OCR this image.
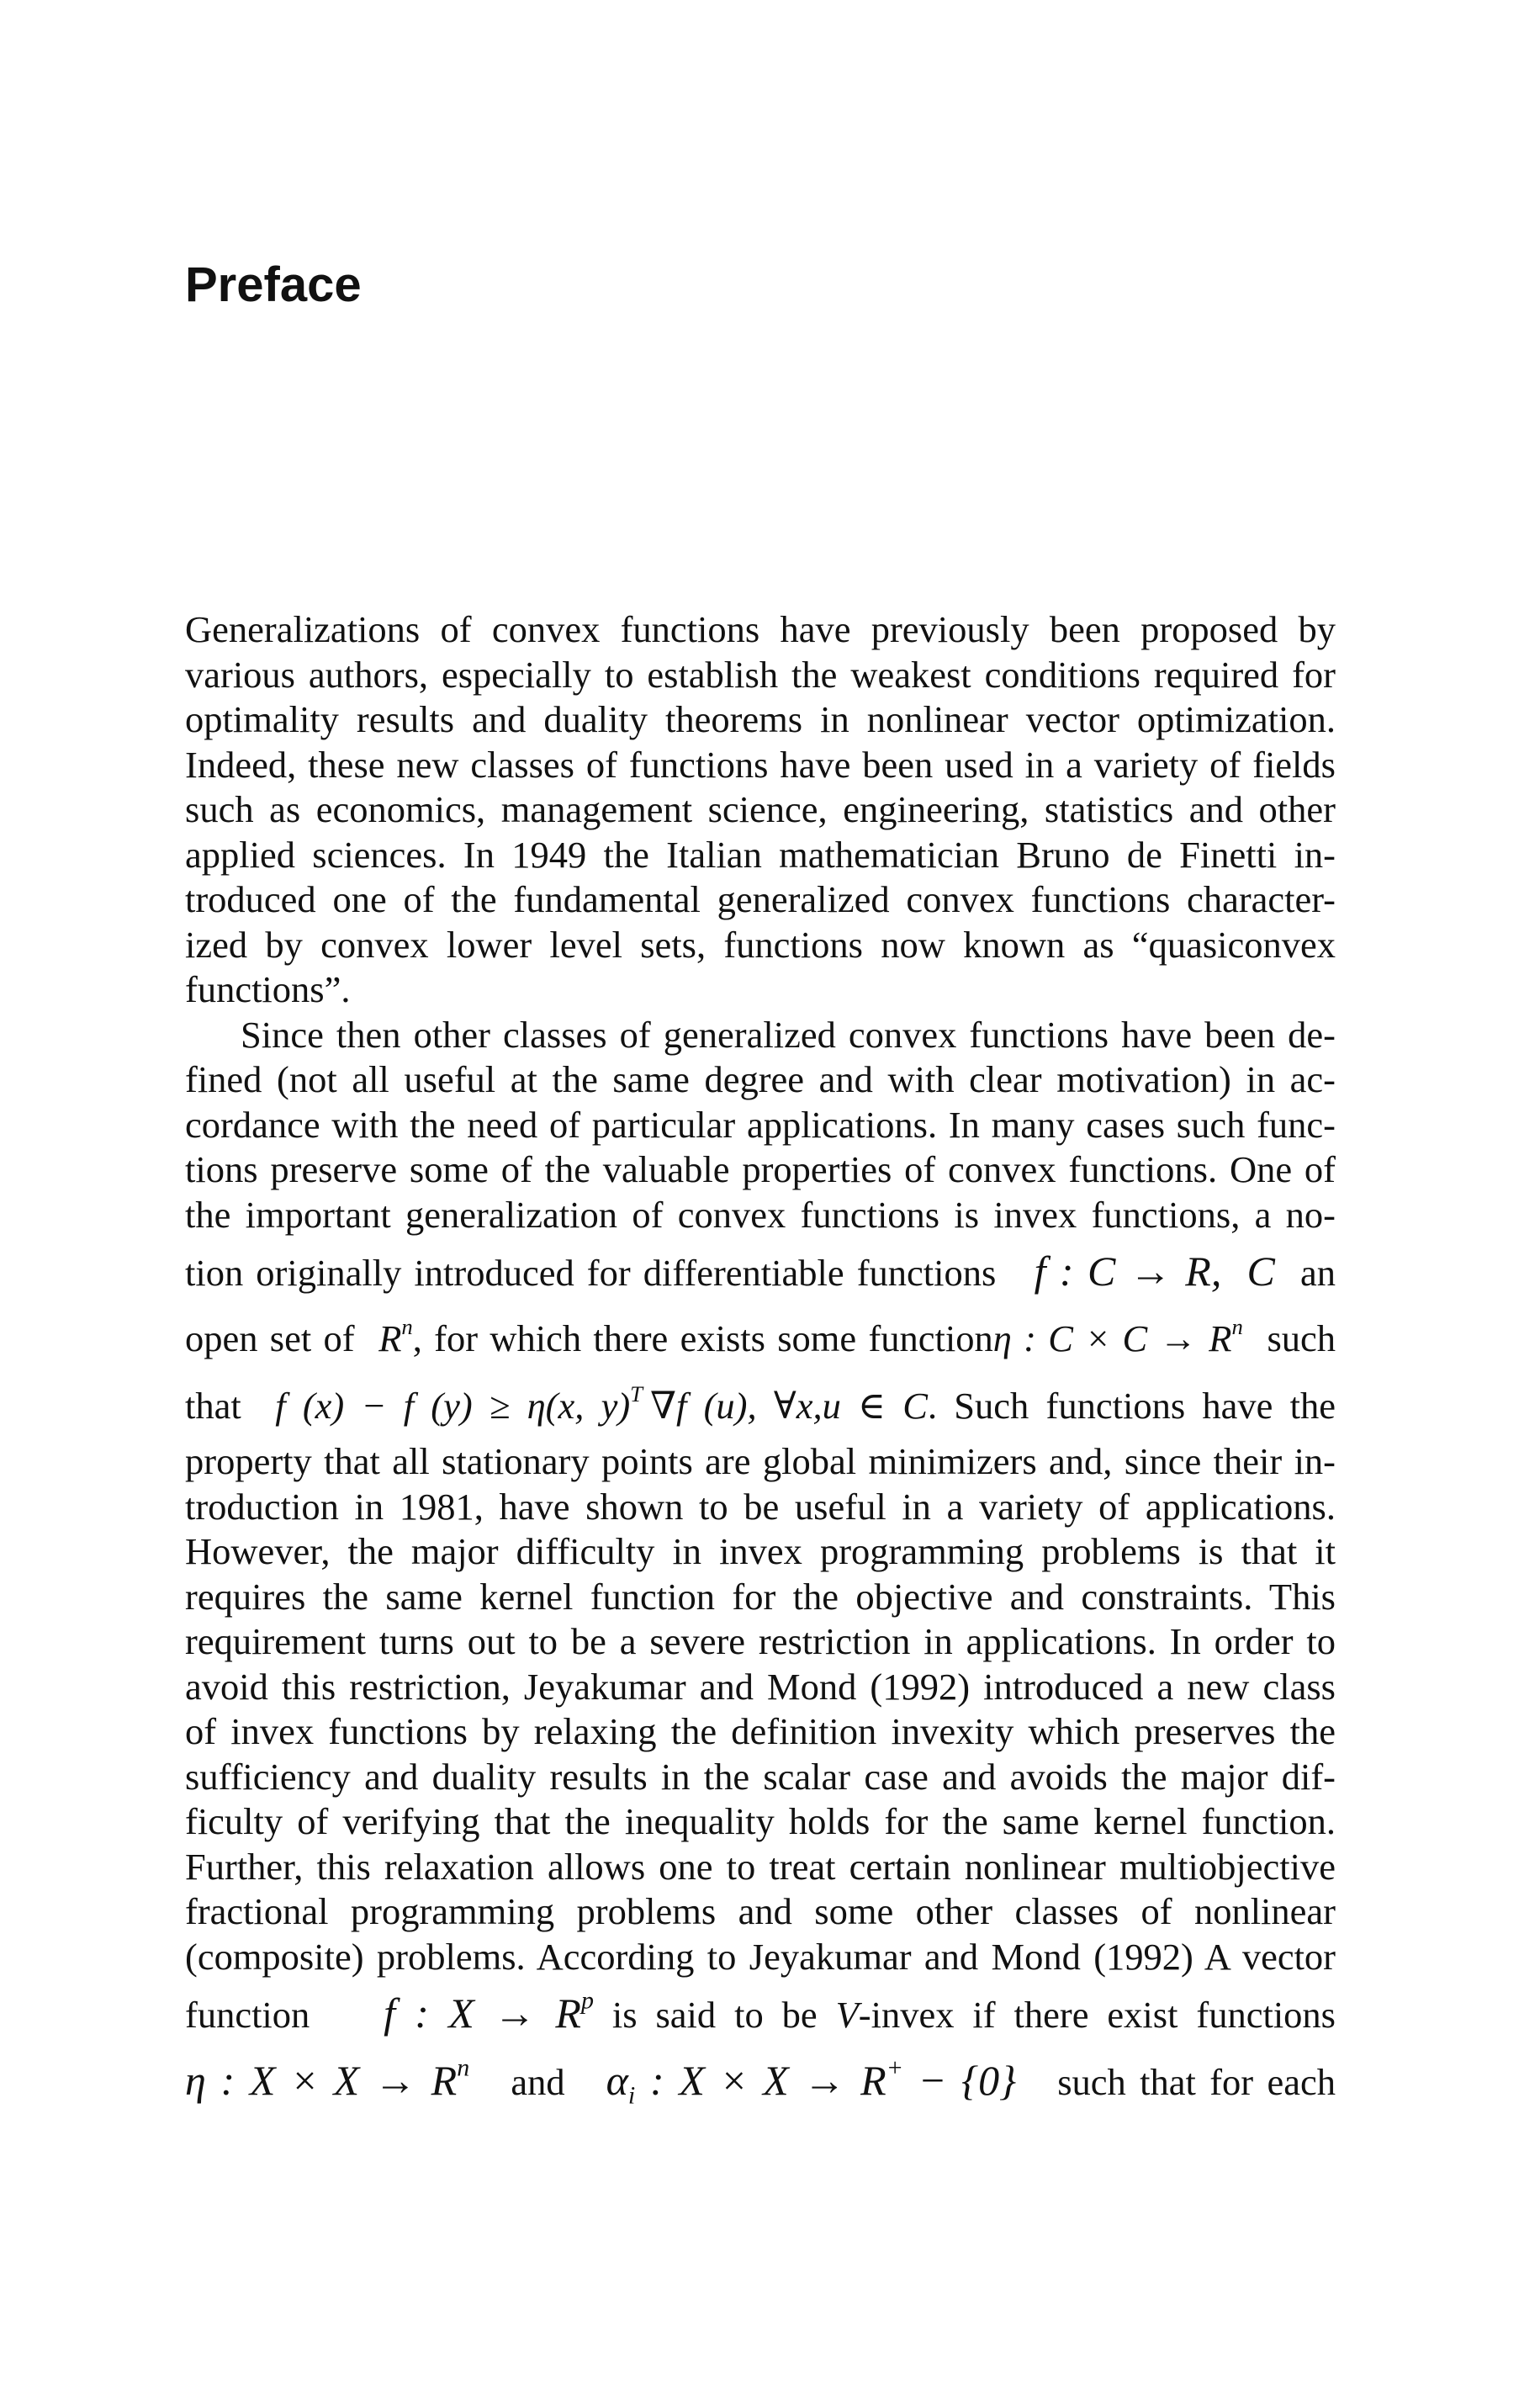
Preface
Generalizations of convex functions have previously been proposed by
various authors, especially to establish the weakest conditions required for
optimality results and duality theorems in nonlinear vector optimization.
Indeed, these new classes of functions have been used in a variety of fields
such as economics, management science, engineering, statistics and other
applied sciences. In 1949 the Italian mathematician Bruno de Finetti in-
troduced one of the fundamental generalized convex functions character-
ized by convex lower level sets, functions now known as “quasiconvex
functions”.
Since then other classes of generalized convex functions have been de-
fined (not all useful at the same degree and with clear motivation) in ac-
cordance with the need of particular applications. In many cases such func-
tions preserve some of the valuable properties of convex functions. One of
the important generalization of convex functions is invex functions, a no-
tion originally introduced for differentiable functions f : C → R, C an
open set of $R^n$, for which there exists some functionη : $C \times C \to R^n$ such
that f (x) − f (y) ≥ η(x, y)$^T$  ∇f (u), ∀x,u ∈ C. Such functions have the
property that all stationary points are global minimizers and, since their in-
troduction in 1981, have shown to be useful in a variety of applications.
However, the major difficulty in invex programming problems is that it
requires the same kernel function for the objective and constraints. This
requirement turns out to be a severe restriction in applications. In order to
avoid this restriction, Jeyakumar and Mond (1992) introduced a new class
of invex functions by relaxing the definition invexity which preserves the
sufficiency and duality results in the scalar case and avoids the major dif-
ficulty of verifying that the inequality holds for the same kernel function.
Further, this relaxation allows one to treat certain nonlinear multiobjective
fractional programming problems and some other classes of nonlinear
(composite) problems. According to Jeyakumar and Mond (1992) A vector
function f : $X \to R^p$ is said to be V-invex if there exist functions
η : $X \times X \to R^n$ and $\alpha_i$ : X × X → R+ − {0} such that for each
